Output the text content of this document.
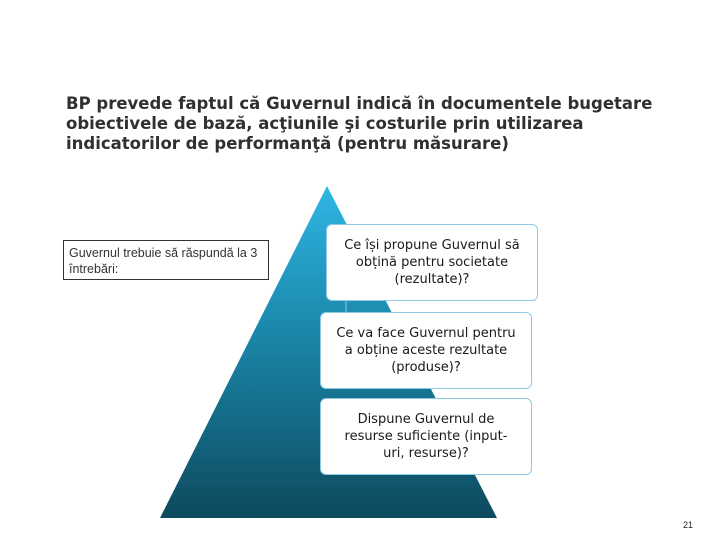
BP prevede faptul că Guvernul indică în documentele bugetare
obiectivele de bază, acţiunile şi costurile prin utilizarea
indicatorilor de performanţă (pentru măsurare)
Guvernul trebuie să răspundă la 3 întrebări:
Ce își propune Guvernul să
obțină pentru societate
(rezultate)?
Ce va face Guvernul pentru
a obține aceste rezultate
(produse)?
Dispune Guvernul de
resurse suficiente (input-
uri, resurse)?
21
